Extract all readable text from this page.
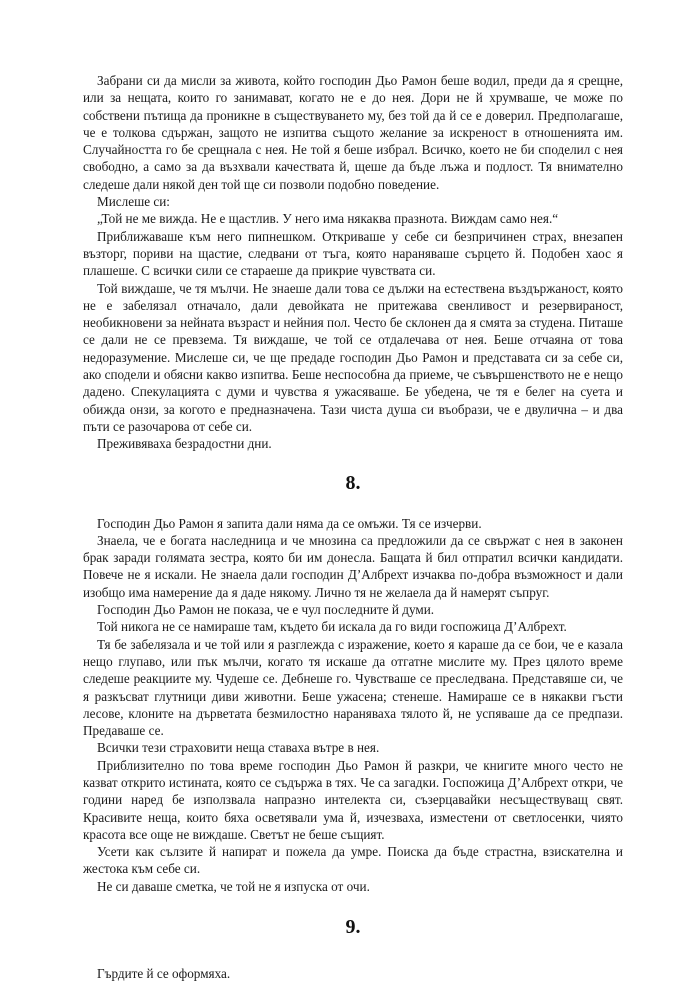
Забрани си да мисли за живота, който господин Дьо Рамон беше водил, преди да я срещне, или за нещата, които го занимават, когато не е до нея. Дори не й хрумваше, че може по собствени пътища да проникне в съществуването му, без той да й се е доверил. Предполагаше, че е толкова сдържан, защото не изпитва същото желание за искреност в отношенията им. Случайността го бе срещнала с нея. Не той я беше избрал. Всичко, което не би споделил с нея свободно, а само за да възхвали качествата й, щеше да бъде лъжа и подлост. Тя внимателно следеше дали някой ден той ще си позволи подобно поведение.

Мислеше си:

„Той не ме вижда. Не е щастлив. У него има някаква празнота. Виждам само нея.“

Приближаваше към него пипнешком. Откриваше у себе си безпричинен страх, внезапен възторг, пориви на щастие, следвани от тъга, която нараняваше сърцето й. Подобен хаос я плашеше. С всички сили се стараеше да прикрие чувствата си.

Той виждаше, че тя мълчи. Не знаеше дали това се дължи на естествена въздържаност, която не е забелязал отначало, дали девойката не притежава свенливост и резервираност, необикновени за нейната възраст и нейния пол. Често бе склонен да я смята за студена. Питаше се дали не се превзема. Тя виждаше, че той се отдалечава от нея. Беше отчаяна от това недоразумение. Мислеше си, че ще предаде господин Дьо Рамон и представата си за себе си, ако сподели и обясни какво изпитва. Беше неспособна да приеме, че съвършенството не е нещо дадено. Спекулацията с думи и чувства я ужасяваше. Бе убедена, че тя е белег на суета и обижда онзи, за когото е предназначена. Тази чиста душа си въобрази, че е двулична – и два пъти се разочарова от себе си.

Преживяваха безрадостни дни.

8.

Господин Дьо Рамон я запита дали няма да се омъжи. Тя се изчерви.

Знаела, че е богата наследница и че мнозина са предложили да се свържат с нея в законен брак заради голямата зестра, която би им донесла. Бащата й бил отпратил всички кандидати. Повече не я искали. Не знаела дали господин Д’Албрехт изчаква по-добра възможност и дали изобщо има намерение да я даде някому. Лично тя не желаела да й намерят съпруг.

Господин Дьо Рамон не показа, че е чул последните й думи.

Той никога не се намираше там, където би искала да го види госпожица Д’Албрехт.

Тя бе забелязала и че той или я разглежда с изражение, което я караше да се бои, че е казала нещо глупаво, или пък мълчи, когато тя искаше да отгатне мислите му. През цялото време следеше реакциите му. Чудеше се. Дебнеше го. Чувстваше се преследвана. Представяше си, че я разкъсват глутници диви животни. Беше ужасена; стенеше. Намираше се в някакви гъсти лесове, клоните на дърветата безмилостно нараняваха тялото й, не успяваше да се предпази. Предаваше се.

Всички тези страховити неща ставаха вътре в нея.

Приблизително по това време господин Дьо Рамон й разкри, че книгите много често не казват открито истината, която се съдържа в тях. Че са загадки. Госпожица Д’Албрехт откри, че години наред бе използвала напразно интелекта си, съзерцавайки несъществуващ свят. Красивите неща, които бяха осветявали ума й, изчезваха, изместени от светлосенки, чиято красота все още не виждаше. Светът не беше същият.

Усети как сълзите й напират и пожела да умре. Поиска да бъде страстна, взискателна и жестока към себе си.

Не си даваше сметка, че той не я изпуска от очи.

9.

Гърдите й се оформяха.
